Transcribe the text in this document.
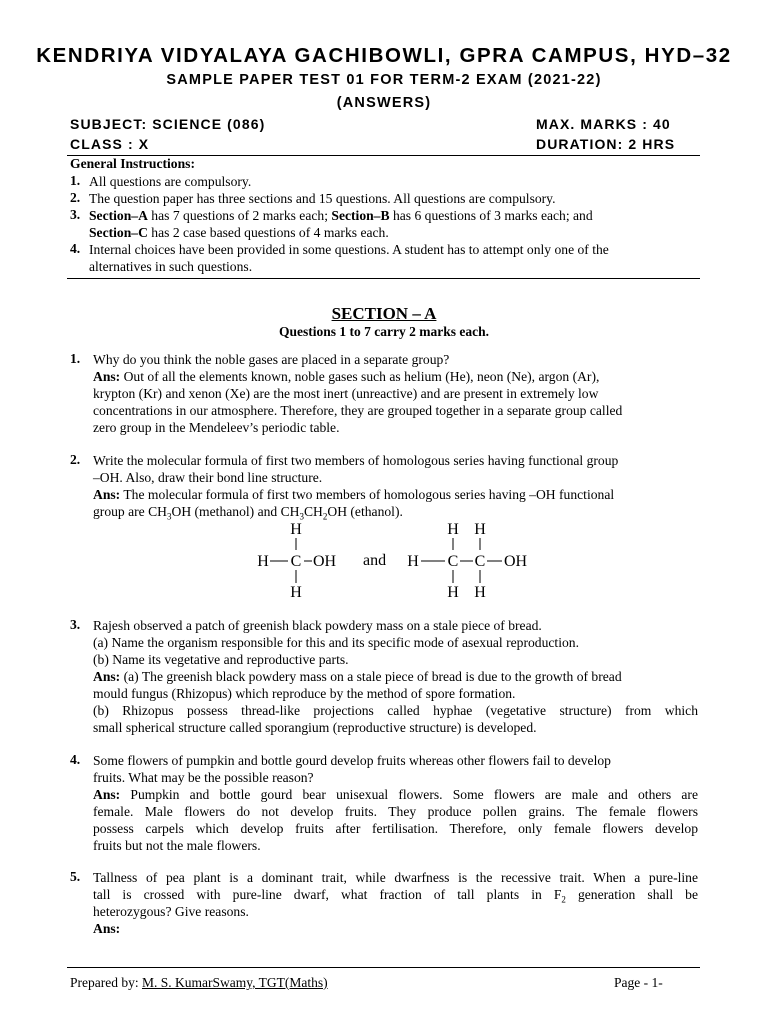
KENDRIYA VIDYALAYA GACHIBOWLI, GPRA CAMPUS, HYD–32
SAMPLE PAPER TEST 01 FOR TERM-2 EXAM (2021-22)
(ANSWERS)
SUBJECT: SCIENCE (086)	MAX. MARKS : 40
CLASS : X	DURATION: 2 HRS
General Instructions:
1. All questions are compulsory.
2. The question paper has three sections and 15 questions. All questions are compulsory.
3. Section–A has 7 questions of 2 marks each; Section–B has 6 questions of 3 marks each; and
Section–C has 2 case based questions of 4 marks each.
4. Internal choices have been provided in some questions. A student has to attempt only one of the
alternatives in such questions.
SECTION – A
Questions 1 to 7 carry 2 marks each.
1. Why do you think the noble gases are placed in a separate group?
Ans: Out of all the elements known, noble gases such as helium (He), neon (Ne), argon (Ar),
krypton (Kr) and xenon (Xe) are the most inert (unreactive) and are present in extremely low
concentrations in our atmosphere. Therefore, they are grouped together in a separate group called
zero group in the Mendeleev’s periodic table.
2. Write the molecular formula of first two members of homologous series having functional group
–OH. Also, draw their bond line structure.
Ans: The molecular formula of first two members of homologous series having –OH functional
group are $CH_3OH$ (methanol) and $CH_3CH_2OH$ (ethanol).
H
H C OH
H
and
H H
H C C OH
H H
3. Rajesh observed a patch of greenish black powdery mass on a stale piece of bread.
(a) Name the organism responsible for this and its specific mode of asexual reproduction.
(b) Name its vegetative and reproductive parts.
Ans: (a) The greenish black powdery mass on a stale piece of bread is due to the growth of bread
mould fungus (Rhizopus) which reproduce by the method of spore formation.
(b) Rhizopus possess thread-like projections called hyphae (vegetative structure) from which
small spherical structure called sporangium (reproductive structure) is developed.
4. Some flowers of pumpkin and bottle gourd develop fruits whereas other flowers fail to develop
fruits. What may be the possible reason?
Ans: Pumpkin and bottle gourd bear unisexual flowers. Some flowers are male and others are
female. Male flowers do not develop fruits. They produce pollen grains. The female flowers
possess carpels which develop fruits after fertilisation. Therefore, only female flowers develop
fruits but not the male flowers.
5. Tallness of pea plant is a dominant trait, while dwarfness is the recessive trait. When a pure-line
tall is crossed with pure-line dwarf, what fraction of tall plants in $F_2$ generation shall be
heterozygous? Give reasons.
Ans:
Prepared by: M. S. KumarSwamy, TGT(Maths)	Page - 1-
